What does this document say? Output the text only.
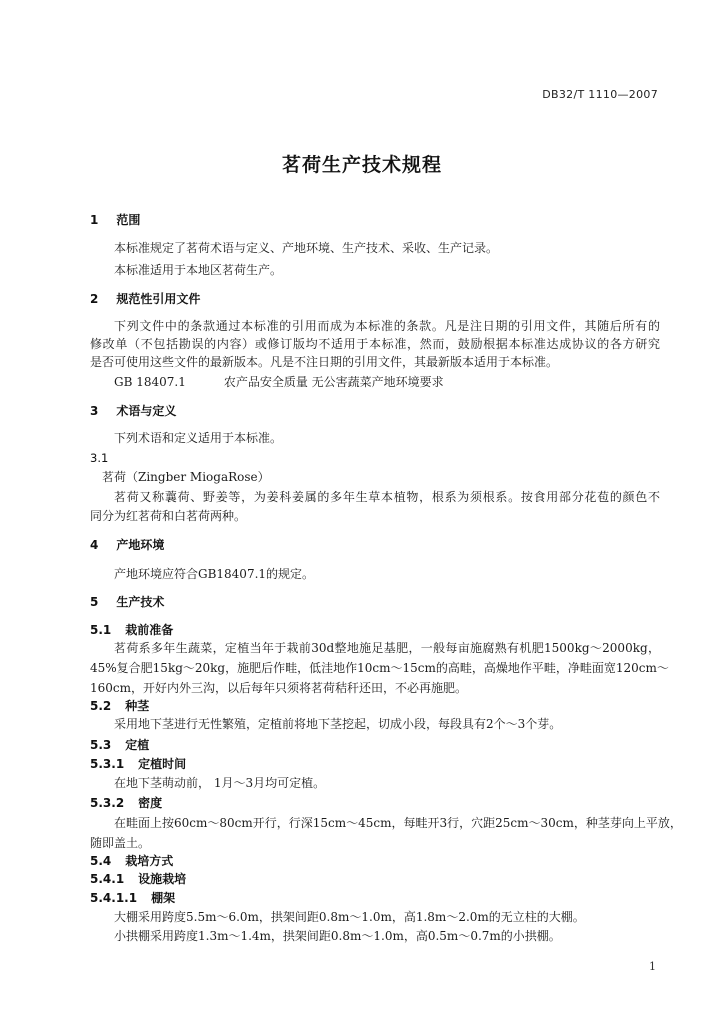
DB32/T 1110—2007
茗荷生产技术规程
1 范围
本标准规定了茗荷术语与定义、产地环境、生产技术、采收、生产记录。
本标准适用于本地区茗荷生产。
2 规范性引用文件
下列文件中的条款通过本标准的引用而成为本标准的条款。凡是注日期的引用文件，其随后所有的
修改单（不包括勘误的内容）或修订版均不适用于本标准，然而，鼓励根据本标准达成协议的各方研究
是否可使用这些文件的最新版本。凡是不注日期的引用文件，其最新版本适用于本标准。
GB 18407.1	农产品安全质量 无公害蔬菜产地环境要求
3 术语与定义
下列术语和定义适用于本标准。
3.1
茗荷（Zingber MiogaRose）
茗荷又称蘘荷、野姜等，为姜科姜属的多年生草本植物，根系为须根系。按食用部分花苞的颜色不
同分为红茗荷和白茗荷两种。
4 产地环境
产地环境应符合GB18407.1的规定。
5 生产技术
5.1 栽前准备
茗荷系多年生蔬菜，定植当年于栽前30d整地施足基肥，一般每亩施腐熟有机肥1500kg～2000kg，
45%复合肥15kg～20kg，施肥后作畦，低洼地作10cm～15cm的高畦，高燥地作平畦，净畦面宽120cm～
160cm，开好内外三沟，以后每年只须将茗荷秸秆还田，不必再施肥。
5.2 种茎
采用地下茎进行无性繁殖，定植前将地下茎挖起，切成小段，每段具有2个～3个芽。
5.3 定植
5.3.1 定植时间
在地下茎萌动前， 1月～3月均可定植。
5.3.2 密度
在畦面上按60cm～80cm开行，行深15cm～45cm，每畦开3行，穴距25cm～30cm，种茎芽向上平放，
随即盖土。
5.4 栽培方式
5.4.1 设施栽培
5.4.1.1 棚架
大棚采用跨度5.5m～6.0m，拱架间距0.8m～1.0m，高1.8m～2.0m的无立柱的大棚。
小拱棚采用跨度1.3m～1.4m，拱架间距0.8m～1.0m，高0.5m～0.7m的小拱棚。
1
